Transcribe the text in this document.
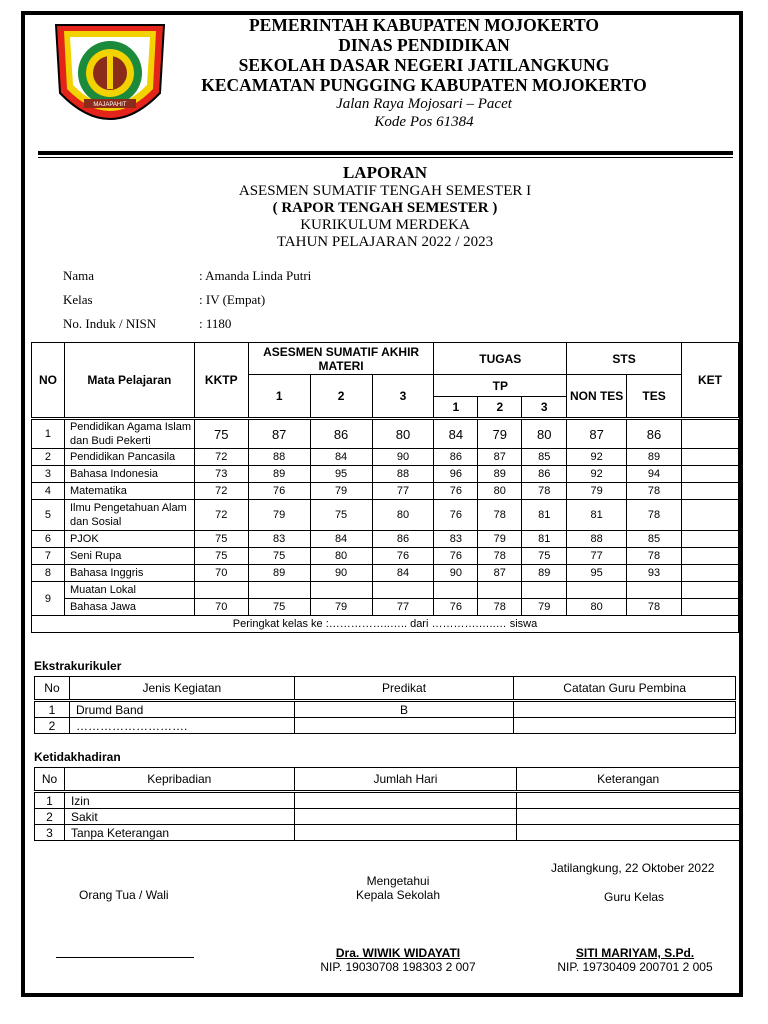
MAJAPAHIT
PEMERINTAH KABUPATEN MOJOKERTO
DINAS PENDIDIKAN
SEKOLAH DASAR NEGERI JATILANGKUNG
KECAMATAN PUNGGING KABUPATEN MOJOKERTO
Jalan Raya Mojosari – Pacet
Kode Pos 61384
LAPORAN
ASESMEN SUMATIF TENGAH SEMESTER I
( RAPOR TENGAH SEMESTER )
KURIKULUM MERDEKA
TAHUN PELAJARAN 2022 / 2023
Nama	: Amanda Linda Putri
Kelas	: IV (Empat)
No. Induk / NISN	: 1180
NO	Mata Pelajaran	KKTP	ASESMEN SUMATIF AKHIR MATERI			TUGAS			STS		KET
			1	2	3	TP			NON TES	TES	
						1	2	3			
1	Pendidikan Agama Islam dan Budi Pekerti	75	87	86	80	84	79	80	87	86	
2	Pendidikan Pancasila	72	88	84	90	86	87	85	92	89	
3	Bahasa Indonesia	73	89	95	88	96	89	86	92	94	
4	Matematika	72	76	79	77	76	80	78	79	78	
5	Ilmu Pengetahuan Alam dan Sosial	72	79	75	80	76	78	81	81	78	
6	PJOK	75	83	84	86	83	79	81	88	85	
7	Seni Rupa	75	75	80	76	76	78	75	77	78	
8	Bahasa Inggris	70	89	90	84	90	87	89	95	93	
9	Muatan Lokal										
	Bahasa Jawa	70	75	79	77	76	78	79	80	78	
Peringkat kelas ke :……………..….. dari ………….…..… siswa											
Ekstrakurikuler
No	Jenis Kegiatan	Predikat	Catatan Guru Pembina
1	Drumd Band	B	
2	……………………….		
Ketidakhadiran
No	Kepribadian	Jumlah Hari	Keterangan
1	Izin		
2	Sakit		
3	Tanpa Keterangan		
Jatilangkung, 22 Oktober 2022
Orang Tua / Wali
Mengetahui
Kepala Sekolah	Guru Kelas
Dra. WIWIK WIDAYATI
NIP. 19030708 198303 2 007
SITI MARIYAM, S.Pd.
NIP. 19730409 200701 2 005
